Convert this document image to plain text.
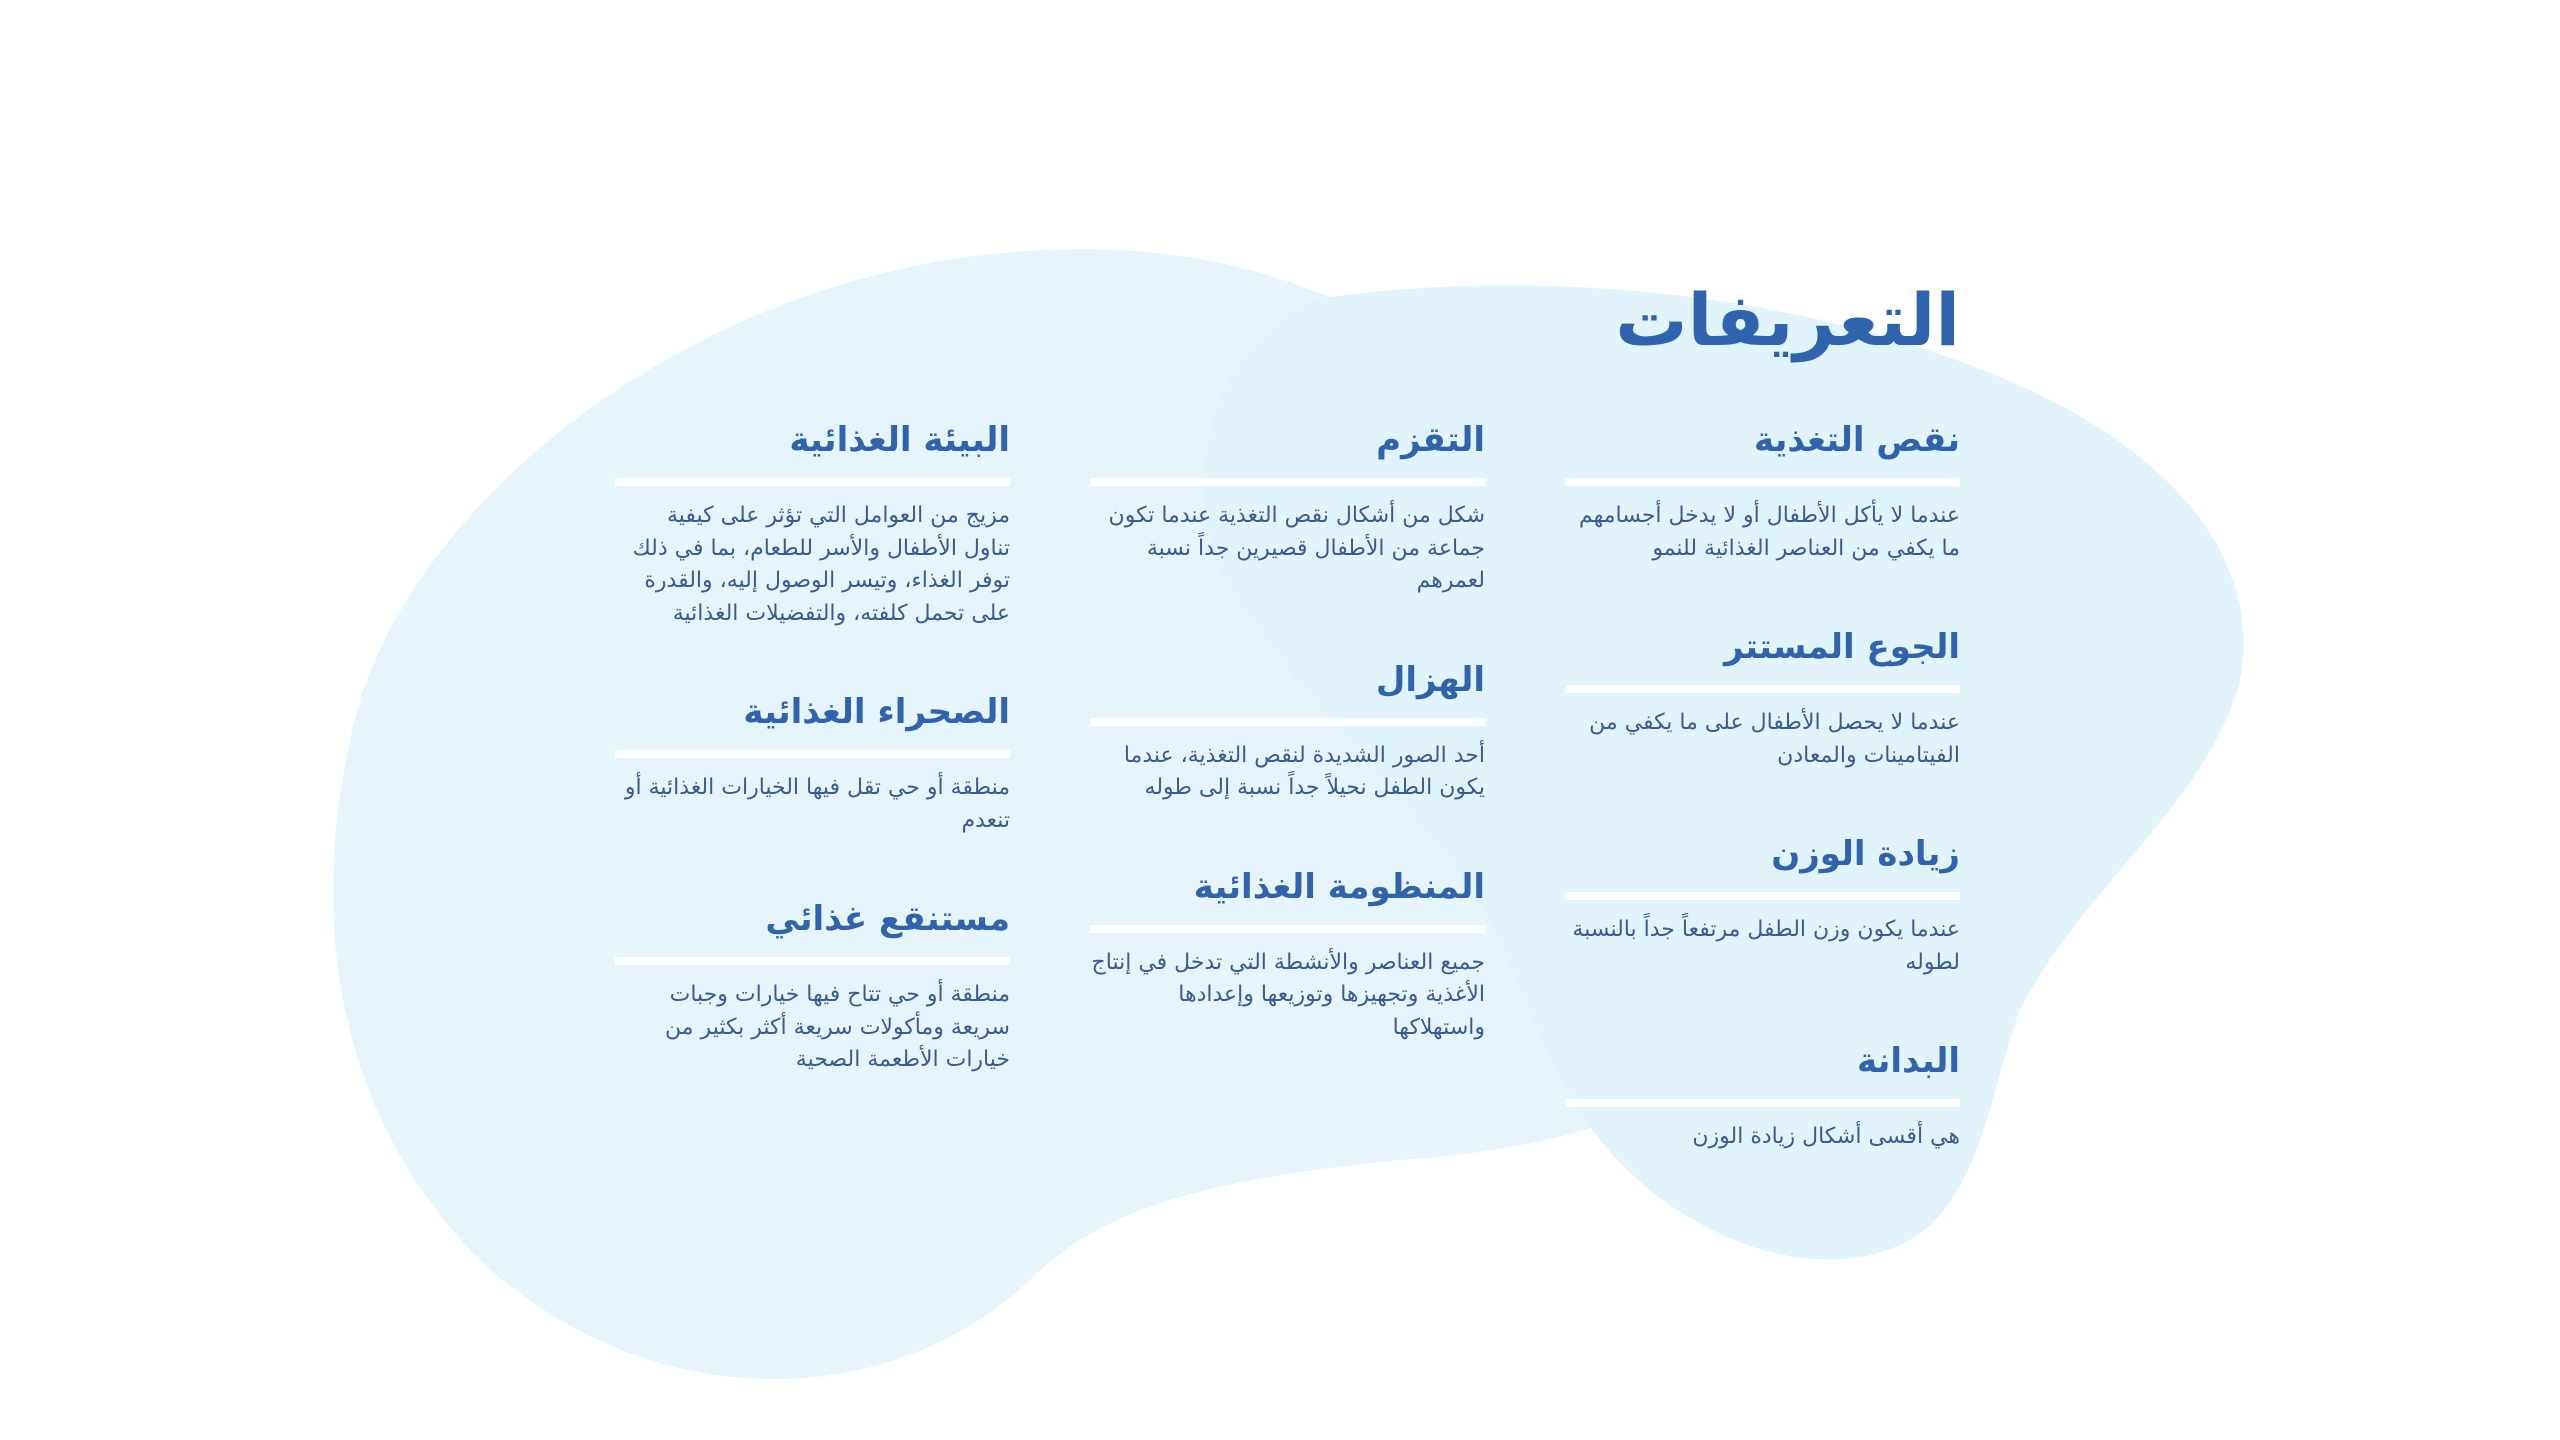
التعريفات
نقص التغذية

عندما لا يأكل الأطفال أو لا يدخل أجسامهم ما يكفي من العناصر الغذائية للنمو

الجوع المستتر

عندما لا يحصل الأطفال على ما يكفي من الفيتامينات والمعادن

زيادة الوزن

عندما يكون وزن الطفل مرتفعاً جداً بالنسبة لطوله

البدانة

هي أقسى أشكال زيادة الوزن

التقزم

شكل من أشكال نقص التغذية عندما تكون جماعة من الأطفال قصيرين جداً نسبة لعمرهم

الهزال

أحد الصور الشديدة لنقص التغذية، عندما يكون الطفل نحيلاً جداً نسبة إلى طوله

المنظومة الغذائية

جميع العناصر والأنشطة التي تدخل في إنتاج الأغذية وتجهيزها وتوزيعها وإعدادها واستهلاكها

البيئة الغذائية

مزيج من العوامل التي تؤثر على كيفية تناول الأطفال والأسر للطعام، بما في ذلك توفر الغذاء، وتيسر الوصول إليه، والقدرة على تحمل كلفته، والتفضيلات الغذائية

الصحراء الغذائية

منطقة أو حي تقل فيها الخيارات الغذائية أو تنعدم

مستنقع غذائي

منطقة أو حي تتاح فيها خيارات وجبات سريعة ومأكولات سريعة أكثر بكثير من خيارات الأطعمة الصحية
